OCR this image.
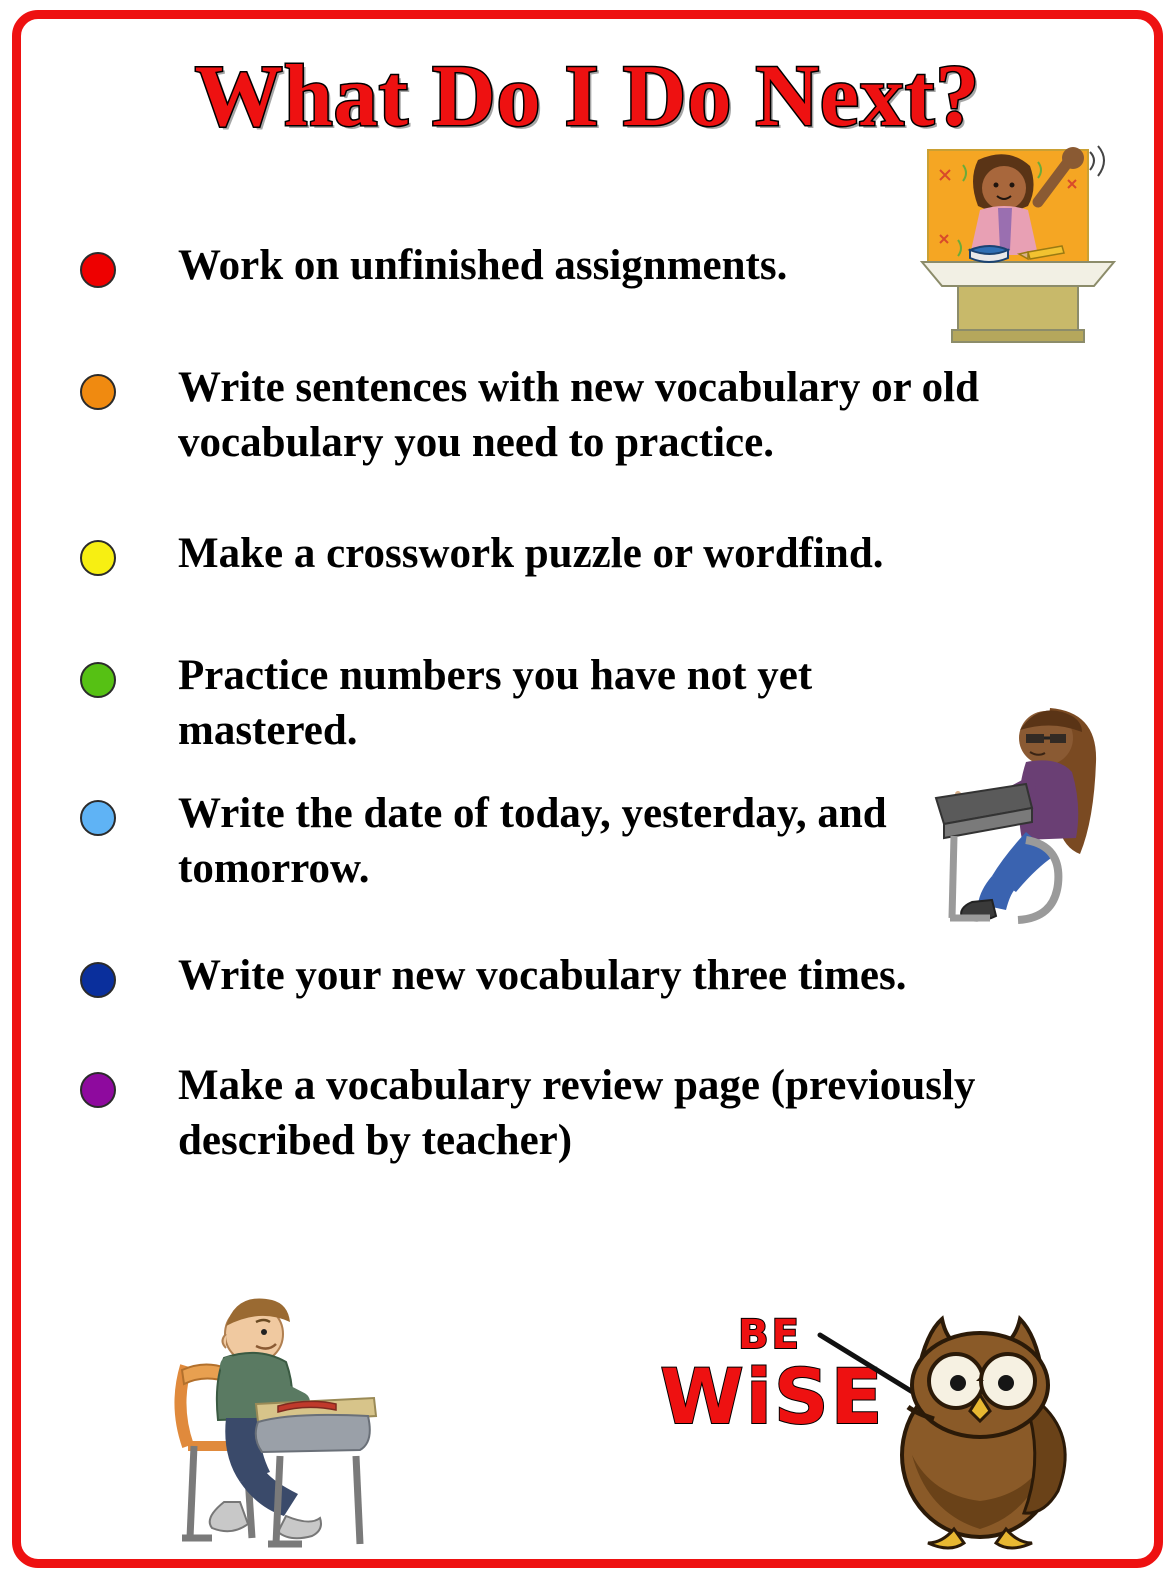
What Do I Do Next?
Work on unfinished assignments.
Write sentences with new vocabulary or old vocabulary you need to practice.
Make a crosswork puzzle or wordfind.
Practice numbers you have not yet mastered.
Write the date of today, yesterday, and tomorrow.
Write your new vocabulary three times.
Make a vocabulary review page (previously described by teacher)
BE
WiSE
